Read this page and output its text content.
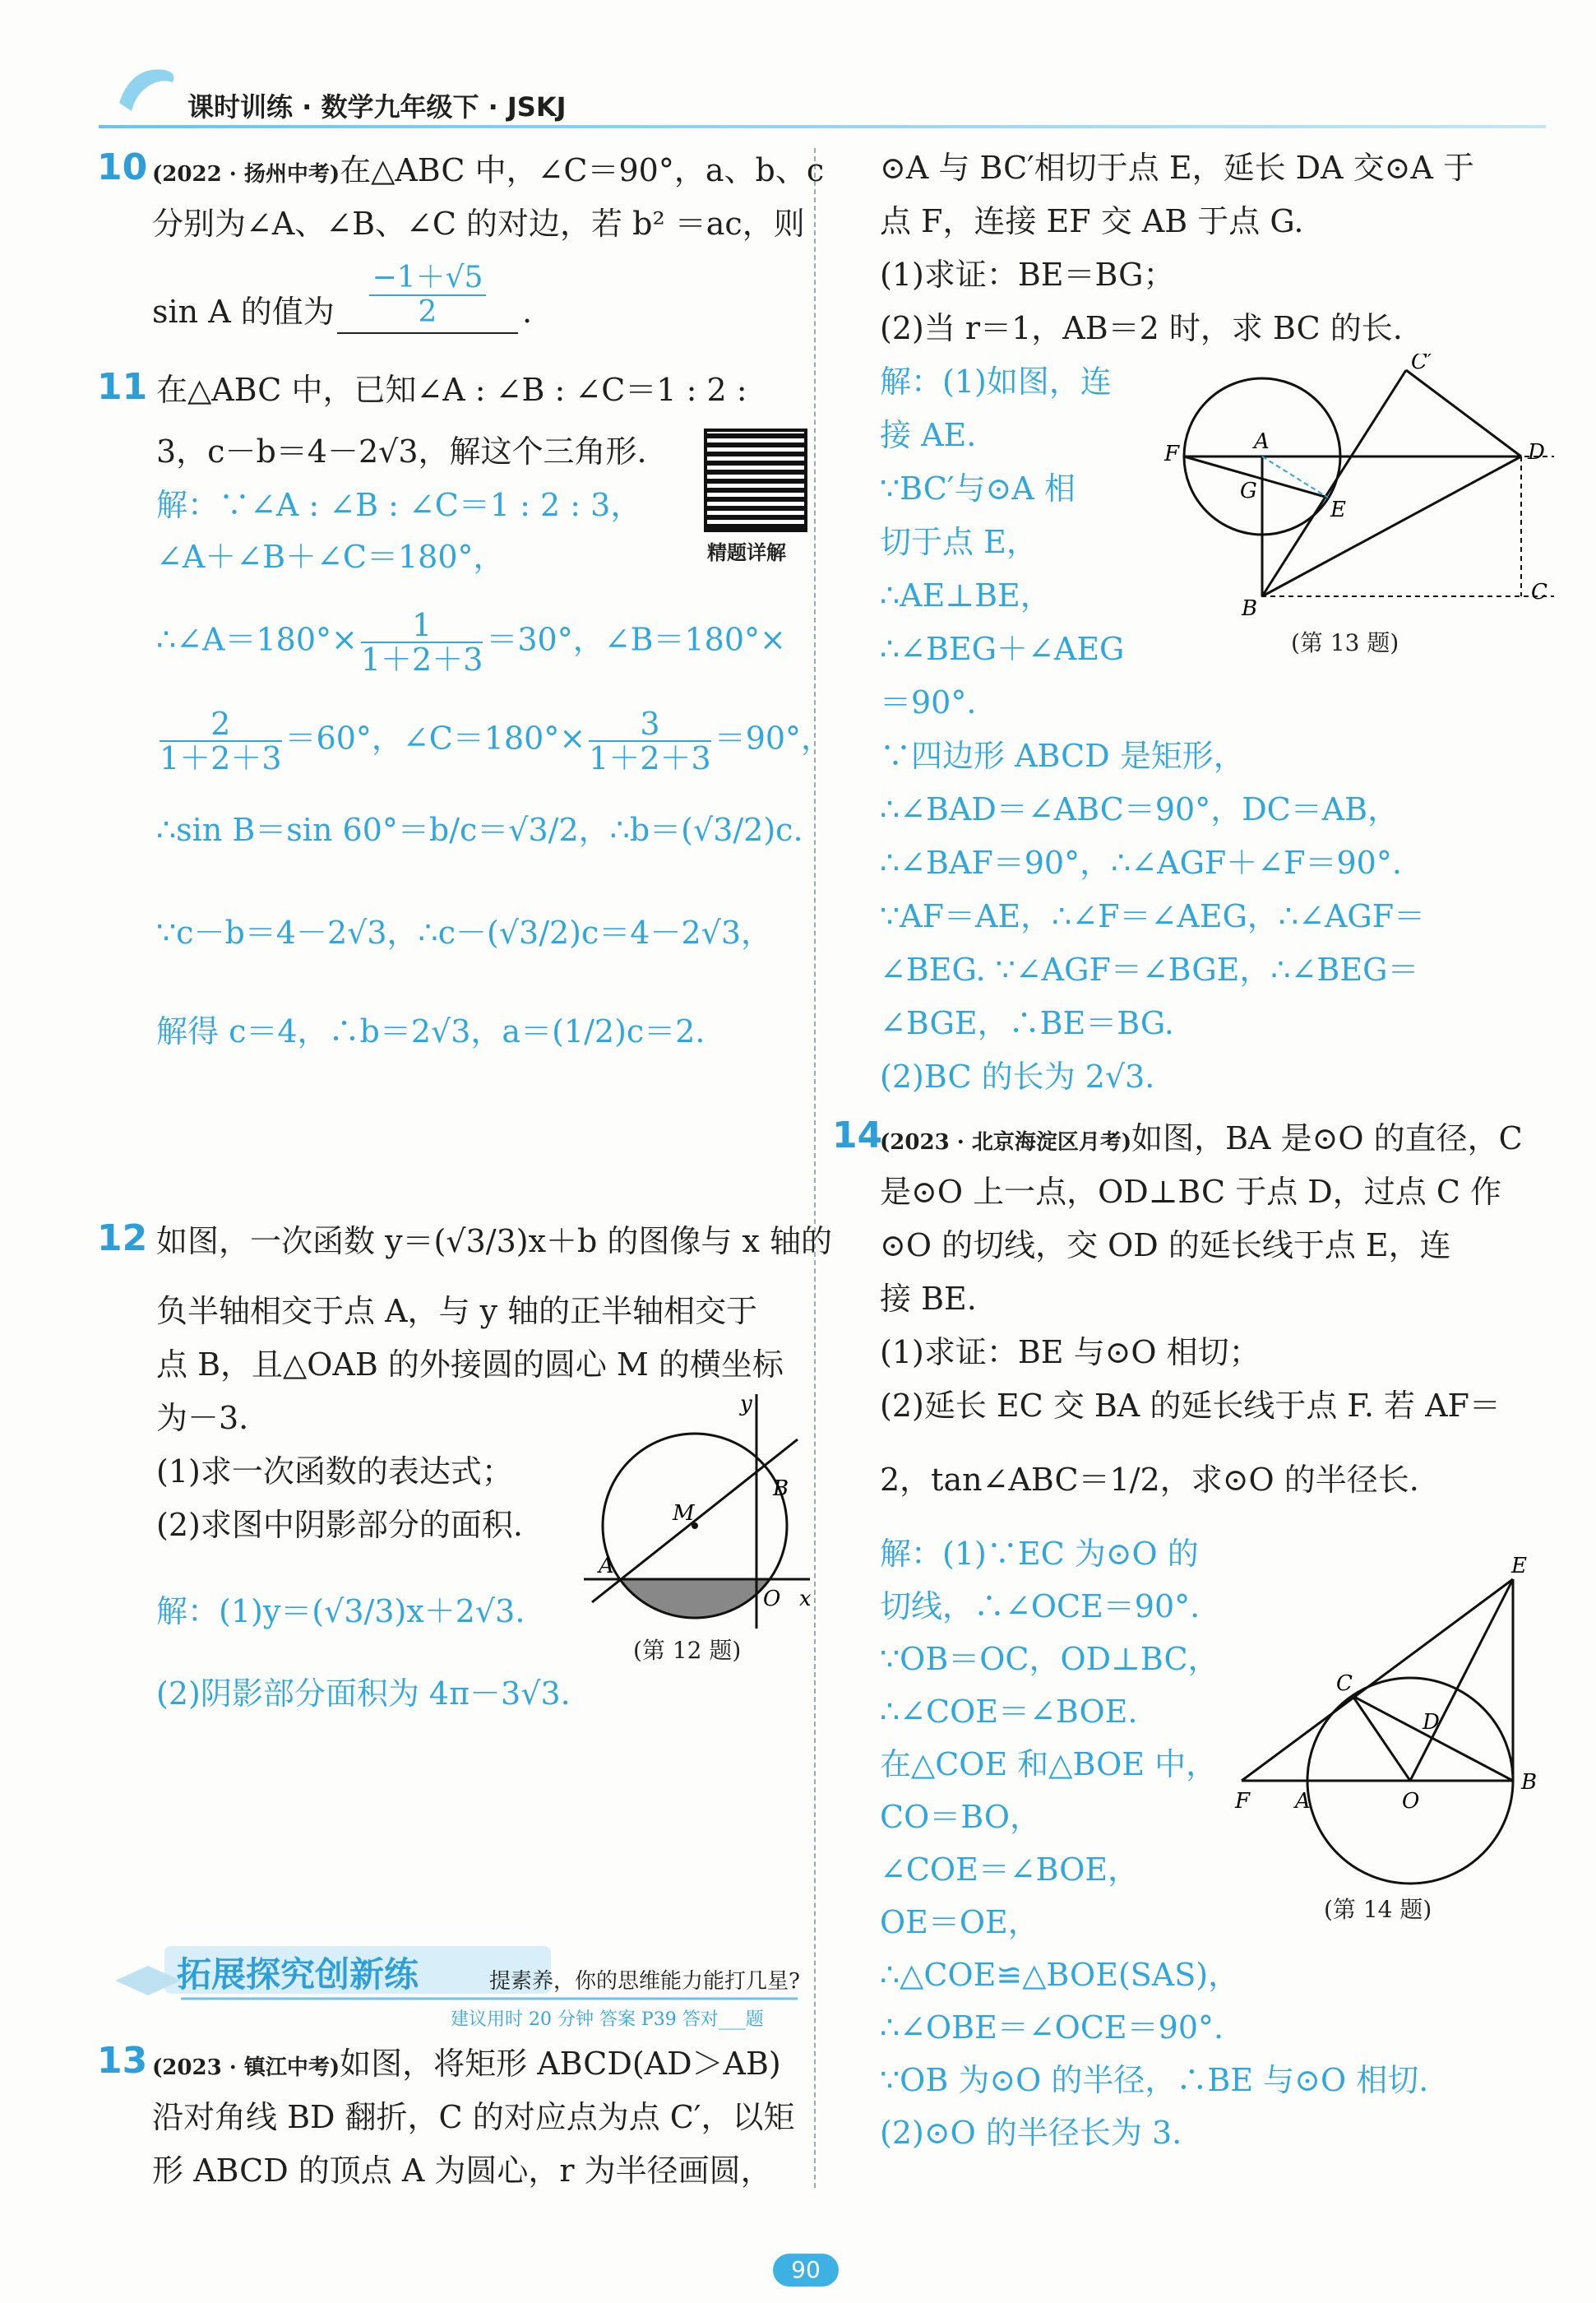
课时训练 · 数学九年级下 · JSKJ
10 (2022 · 扬州中考)在△ABC 中，∠C＝90°，a、b、c
分别为∠A、∠B、∠C 的对边，若 b² ＝ac，则
sin A 的值为 $\frac{-1+√5}{2}$ .
11 在△ABC 中，已知∠A : ∠B : ∠C＝1 : 2 :
3，c－b＝4－2√3，解这个三角形.
精题详解
解：∵∠A : ∠B : ∠C＝1 : 2 : 3，
∠A＋∠B＋∠C＝180°，
∴∠A＝180°× $\frac{1}{1+2+3} =30^\circ$，∠B＝180°×
$\frac{2}{1+2+3} =60^\circ$，∠C＝180°× $\frac{3}{1+2+3} =90^\circ$，
∴sin B＝sin 60°＝b/c＝√3/2，∴b＝(√3/2)c.
∵c－b＝4－2√3，∴c－(√3/2)c＝4－2√3，
解得 c＝4，∴b＝2√3，a＝(1/2)c＝2.
12 如图，一次函数 y＝(√3/3)x＋b 的图像与 x 轴的
负半轴相交于点 A，与 y 轴的正半轴相交于
点 B，且△OAB 的外接圆的圆心 M 的横坐标
为－3.
(1)求一次函数的表达式；
(2)求图中阴影部分的面积.
解：(1)y＝(√3/3)x＋2√3.
(2)阴影部分面积为 4π－3√3.
y
x
B
M
A
O
(第 12 题)
拓展探究创新练	提素养，你的思维能力能打几星?
建议用时 20 分钟 答案 P39 答对___题
13 (2023 · 镇江中考)如图，将矩形 ABCD(AD＞AB)
沿对角线 BD 翻折，C 的对应点为点 C′，以矩
形 ABCD 的顶点 A 为圆心，r 为半径画圆，
⊙A 与 BC′相切于点 E，延长 DA 交⊙A 于
点 F，连接 EF 交 AB 于点 G.
(1)求证：BE＝BG；
(2)当 r＝1，AB＝2 时，求 BC 的长.
解：(1)如图，连
接 AE.
∵BC′与⊙A 相
切于点 E，
∴AE⊥BE，
∴∠BEG＋∠AEG
＝90°.
∵四边形 ABCD 是矩形，
∴∠BAD＝∠ABC＝90°，DC＝AB，
∴∠BAF＝90°，∴∠AGF＋∠F＝90°.
∵AF＝AE，∴∠F＝∠AEG，∴∠AGF＝
∠BEG. ∵∠AGF＝∠BGE，∴∠BEG＝
∠BGE，∴BE＝BG.
(2)BC 的长为 2√3.
C′
F	A	D
G
E
B
C
(第 13 题)
14
(2023 · 北京海淀区月考)如图，BA 是⊙O 的直径，C
是⊙O 上一点，OD⊥BC 于点 D，过点 C 作
⊙O 的切线，交 OD 的延长线于点 E，连
接 BE.
(1)求证：BE 与⊙O 相切；
(2)延长 EC 交 BA 的延长线于点 F. 若 AF＝
2，tan∠ABC＝1/2，求⊙O 的半径长.
解：(1)∵EC 为⊙O 的
切线，∴∠OCE＝90°.
∵OB＝OC，OD⊥BC，
∴∠COE＝∠BOE.
在△COE 和△BOE 中，
CO＝BO，
∠COE＝∠BOE，
OE＝OE，
∴△COE≌△BOE(SAS)，
∴∠OBE＝∠OCE＝90°.
∵OB 为⊙O 的半径，∴BE 与⊙O 相切.
(2)⊙O 的半径长为 3.
E
C
D
F A	O
B
(第 14 题)
90
